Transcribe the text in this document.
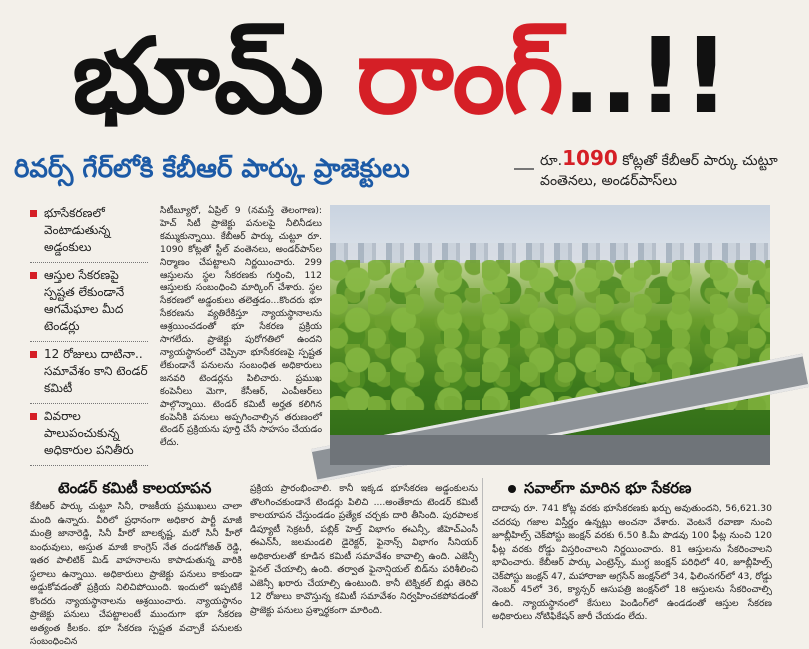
భూమ్ రాంగ్..!!
రివర్స్ గేర్‌లోకి కేబీఆర్ పార్కు ప్రాజెక్టులు	రూ.1090 కోట్లతో కేబీఆర్ పార్కు చుట్టూ వంతెనలు, అండర్‌పాస్‌లు
భూసేకరణలో వెంటాడుతున్న అడ్డంకులు
ఆస్తుల సేకరణపై స్పష్టత లేకుండానే ఆగమేఘాల మీద టెండర్లు
12 రోజులు దాటినా.. సమావేశం కాని టెండర్ కమిటీ
వివరాల పాలుపంచుకున్న అధికారుల పనితీరు
సిటీబ్యూరో, ఏప్రిల్ 9 (నమస్తే తెలంగాణ): హెచ్ సిటీ ప్రాజెక్టు పనులపై నీలినీడలు కమ్ముకున్నాయి. కేబీఆర్ పార్కు చుట్టూ రూ. 1090 కోట్లతో స్టీల్ వంతెనలు, అండర్‌పాస్‌ల నిర్మాణం చేపట్టాలని నిర్ణయించారు. 299 ఆస్తులను స్థల సేకరణకు గుర్తించి, 112 ఆస్తులకు సంబంధించి మార్కింగ్ చేశారు. స్థల సేకరణలో అడ్డంకులు తలెత్తడం...కొందరు భూ సేకరణను వ్యతిరేకిస్తూ న్యాయస్థానాలను ఆశ్రయించడంతో భూ సేకరణ ప్రక్రియ సాగలేదు. ప్రాజెక్టు పురోగతిలో ఉందని న్యాయస్థానంలో చెప్పినా భూసేకరణపై స్పష్టత లేకుండానే పనులను సంబంధిత అధికారులు జనవరి టెండర్లను పిలిచారు. ప్రముఖ కంపెనీలు మెగా, కేసీఆర్, ఎంపీఆర్‌లు పాల్గొన్నాయి. టెండర్ కమిటీ అర్హత కలిగిన కంపెనీకి పనులు అప్పగించాల్సిన తరుణంలో టెండర్ ప్రక్రియను పూర్తి చేసే సాహసం చేయడం లేదు.
టెండర్ కమిటీ కాలయాపన
కేబీఆర్ పార్కు చుట్టూ సినీ, రాజకీయ ప్రముఖులు చాలా మంది ఉన్నారు. వీరిలో ప్రధానంగా అధికార పార్టీ మాజీ మంత్రి జానారెడ్డి, సినీ హీరో బాలకృష్ణ, మరో సినీ హీరో బంధువులు, అస్తుత మాజీ కాంగ్రెస్ నేత దండగోజిత్ రెడ్డి, ఇతర పాలిటిక్ మిడ్ వాహనాలను కాపాడుతున్న వారికి స్థలాలు ఉన్నాయి. అధికారులు ప్రాజెక్టు పనులు కాకుండా అడ్డుకోవడంతో ప్రక్రియ నిలిచిపోయింది. ఇందులో ఇప్పటికే కొందరు న్యాయస్థానాలను ఆశ్రయించారు. న్యాయస్థానం ప్రాజెక్టు పనులు చేపట్టాలంటే ముందుగా భూ సేకరణ అత్యంత కీలకం. భూ సేకరణ స్పష్టత వచ్చాకే పనులకు సంబంధించిన
ప్రక్రియ ప్రారంభించాలి. కానీ ఇక్కడ భూసేకరణ అడ్డంకులను తొలగించకుండానే టెండర్లు పిలిచి ....అంతేకాదు టెండర్ కమిటీ కాలయాపన చేస్తుండడం ప్రత్యేక చర్చకు దారి తీసింది. పురపాలక డిప్యూటీ సెక్రటరీ, పబ్లిక్ హెల్త్ విభాగం ఈఎన్సీ, జీహెచ్‌ఎంసీ ఈఎన్‌సీ, జలమండలి డైరెక్టర్, ఫైనాన్స్ విభాగం సీనియర్ అధికారులతో కూడిన కమిటీ సమావేశం కావాల్సి ఉంది. ఎజెన్సీ ఫైనల్ చేయాల్సి ఉంది. తర్వాత ఫైనాన్షియల్ బిడ్‌ను పరిశీలించి ఎజెన్సీ ఖరారు చేయాల్సి ఉంటుంది. కానీ టెక్నికల్ బిడ్లు తెరిచి 12 రోజులు కావొస్తున్న కమిటీ సమావేశం నిర్వహించకపోవడంతో ప్రాజెక్టు పనులు ప్రశ్నార్థకంగా మారింది.
సవాల్‌గా మారిన భూ సేకరణ
దాదాపు రూ. 741 కోట్ల వరకు భూసేకరణకు ఖర్చు అవుతుందని, 56,621.30 చదరపు గజాల విస్తీర్ణం ఉన్నట్లు అంచనా వేశారు. వెంటనే రవాణా నుంచి జూబ్లీహిల్స్ చెక్‌పోస్టు జంక్షన్ వరకు 6.50 కి.మీ పొడవు 100 ఫీట్ల నుంచి 120 ఫీట్ల వరకు రోడ్డు విస్తరించాలని నిర్ణయించారు. 81 ఆస్తులను సేకరించాలని భావించారు. కేబీఆర్ పార్కు ఎంట్రెన్స్, ముగ్ధ జంక్షన్ పరిధిలో 40, జూబ్లీహిల్స్ చెక్‌పోస్టు జంక్షన్ 47, మహారాజా అగ్రసేన్ జంక్షన్‌లో 34, ఫిలింనగర్‌లో 43, రోడ్డు నెంబర్ 45లో 36, క్యాన్సర్ ఆసుపత్రి జంక్షన్‌లో 18 ఆస్తులను సేకరించాల్సి ఉంది. న్యాయస్థానంలో కేసులు పెండింగ్‌లో ఉండడంతో ఆస్తుల సేకరణ అధికారులు నోటిఫికేషన్ జారీ చేయడం లేదు.
